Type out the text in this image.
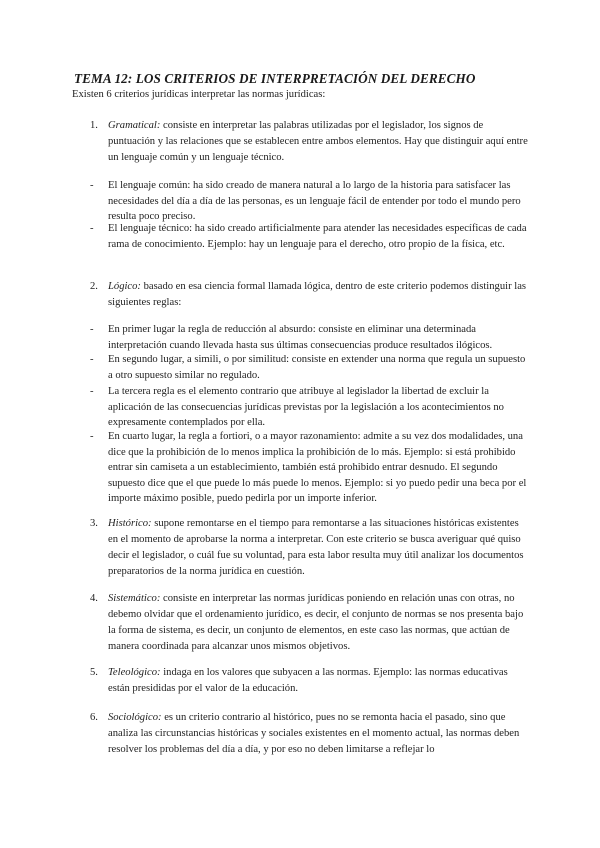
TEMA 12: LOS CRITERIOS DE INTERPRETACIÓN DEL DERECHO
Existen 6 criterios jurídicas interpretar las normas jurídicas:
1. Gramatical: consiste en interpretar las palabras utilizadas por el legislador, los signos de puntuación y las relaciones que se establecen entre ambos elementos. Hay que distinguir aquí entre un lenguaje común y un lenguaje técnico.
- El lenguaje común: ha sido creado de manera natural a lo largo de la historia para satisfacer las necesidades del día a día de las personas, es un lenguaje fácil de entender por todo el mundo pero resulta poco preciso.
- El lenguaje técnico: ha sido creado artificialmente para atender las necesidades específicas de cada rama de conocimiento. Ejemplo: hay un lenguaje para el derecho, otro propio de la física, etc.
2. Lógico: basado en esa ciencia formal llamada lógica, dentro de este criterio podemos distinguir las siguientes reglas:
- En primer lugar la regla de reducción al absurdo: consiste en eliminar una determinada interpretación cuando llevada hasta sus últimas consecuencias produce resultados ilógicos.
- En segundo lugar, a simili, o por similitud: consiste en extender una norma que regula un supuesto a otro supuesto similar no regulado.
- La tercera regla es el elemento contrario que atribuye al legislador la libertad de excluir la aplicación de las consecuencias jurídicas previstas por la legislación a los acontecimientos no expresamente contemplados por ella.
- En cuarto lugar, la regla a fortiori, o a mayor razonamiento: admite a su vez dos modalidades, una dice que la prohibición de lo menos implica la prohibición de lo más. Ejemplo: si está prohibido entrar sin camiseta a un establecimiento, también está prohibido entrar desnudo. El segundo supuesto dice que el que puede lo más puede lo menos. Ejemplo: si yo puedo pedir una beca por el importe máximo posible, puedo pedirla por un importe inferior.
3. Histórico: supone remontarse en el tiempo para remontarse a las situaciones históricas existentes en el momento de aprobarse la norma a interpretar. Con este criterio se busca averiguar qué quiso decir el legislador, o cuál fue su voluntad, para esta labor resulta muy útil analizar los documentos preparatorios de la norma jurídica en cuestión.
4. Sistemático: consiste en interpretar las normas jurídicas poniendo en relación unas con otras, no debemo olvidar que el ordenamiento jurídico, es decir, el conjunto de normas se nos presenta bajo la forma de sistema, es decir, un conjunto de elementos, en este caso las normas, que actúan de manera coordinada para alcanzar unos mismos objetivos.
5. Teleológico: indaga en los valores que subyacen a las normas. Ejemplo: las normas educativas están presididas por el valor de la educación.
6. Sociológico: es un criterio contrario al histórico, pues no se remonta hacia el pasado, sino que analiza las circunstancias históricas y sociales existentes en el momento actual, las normas deben resolver los problemas del día a día, y por eso no deben limitarse a reflejar lo
